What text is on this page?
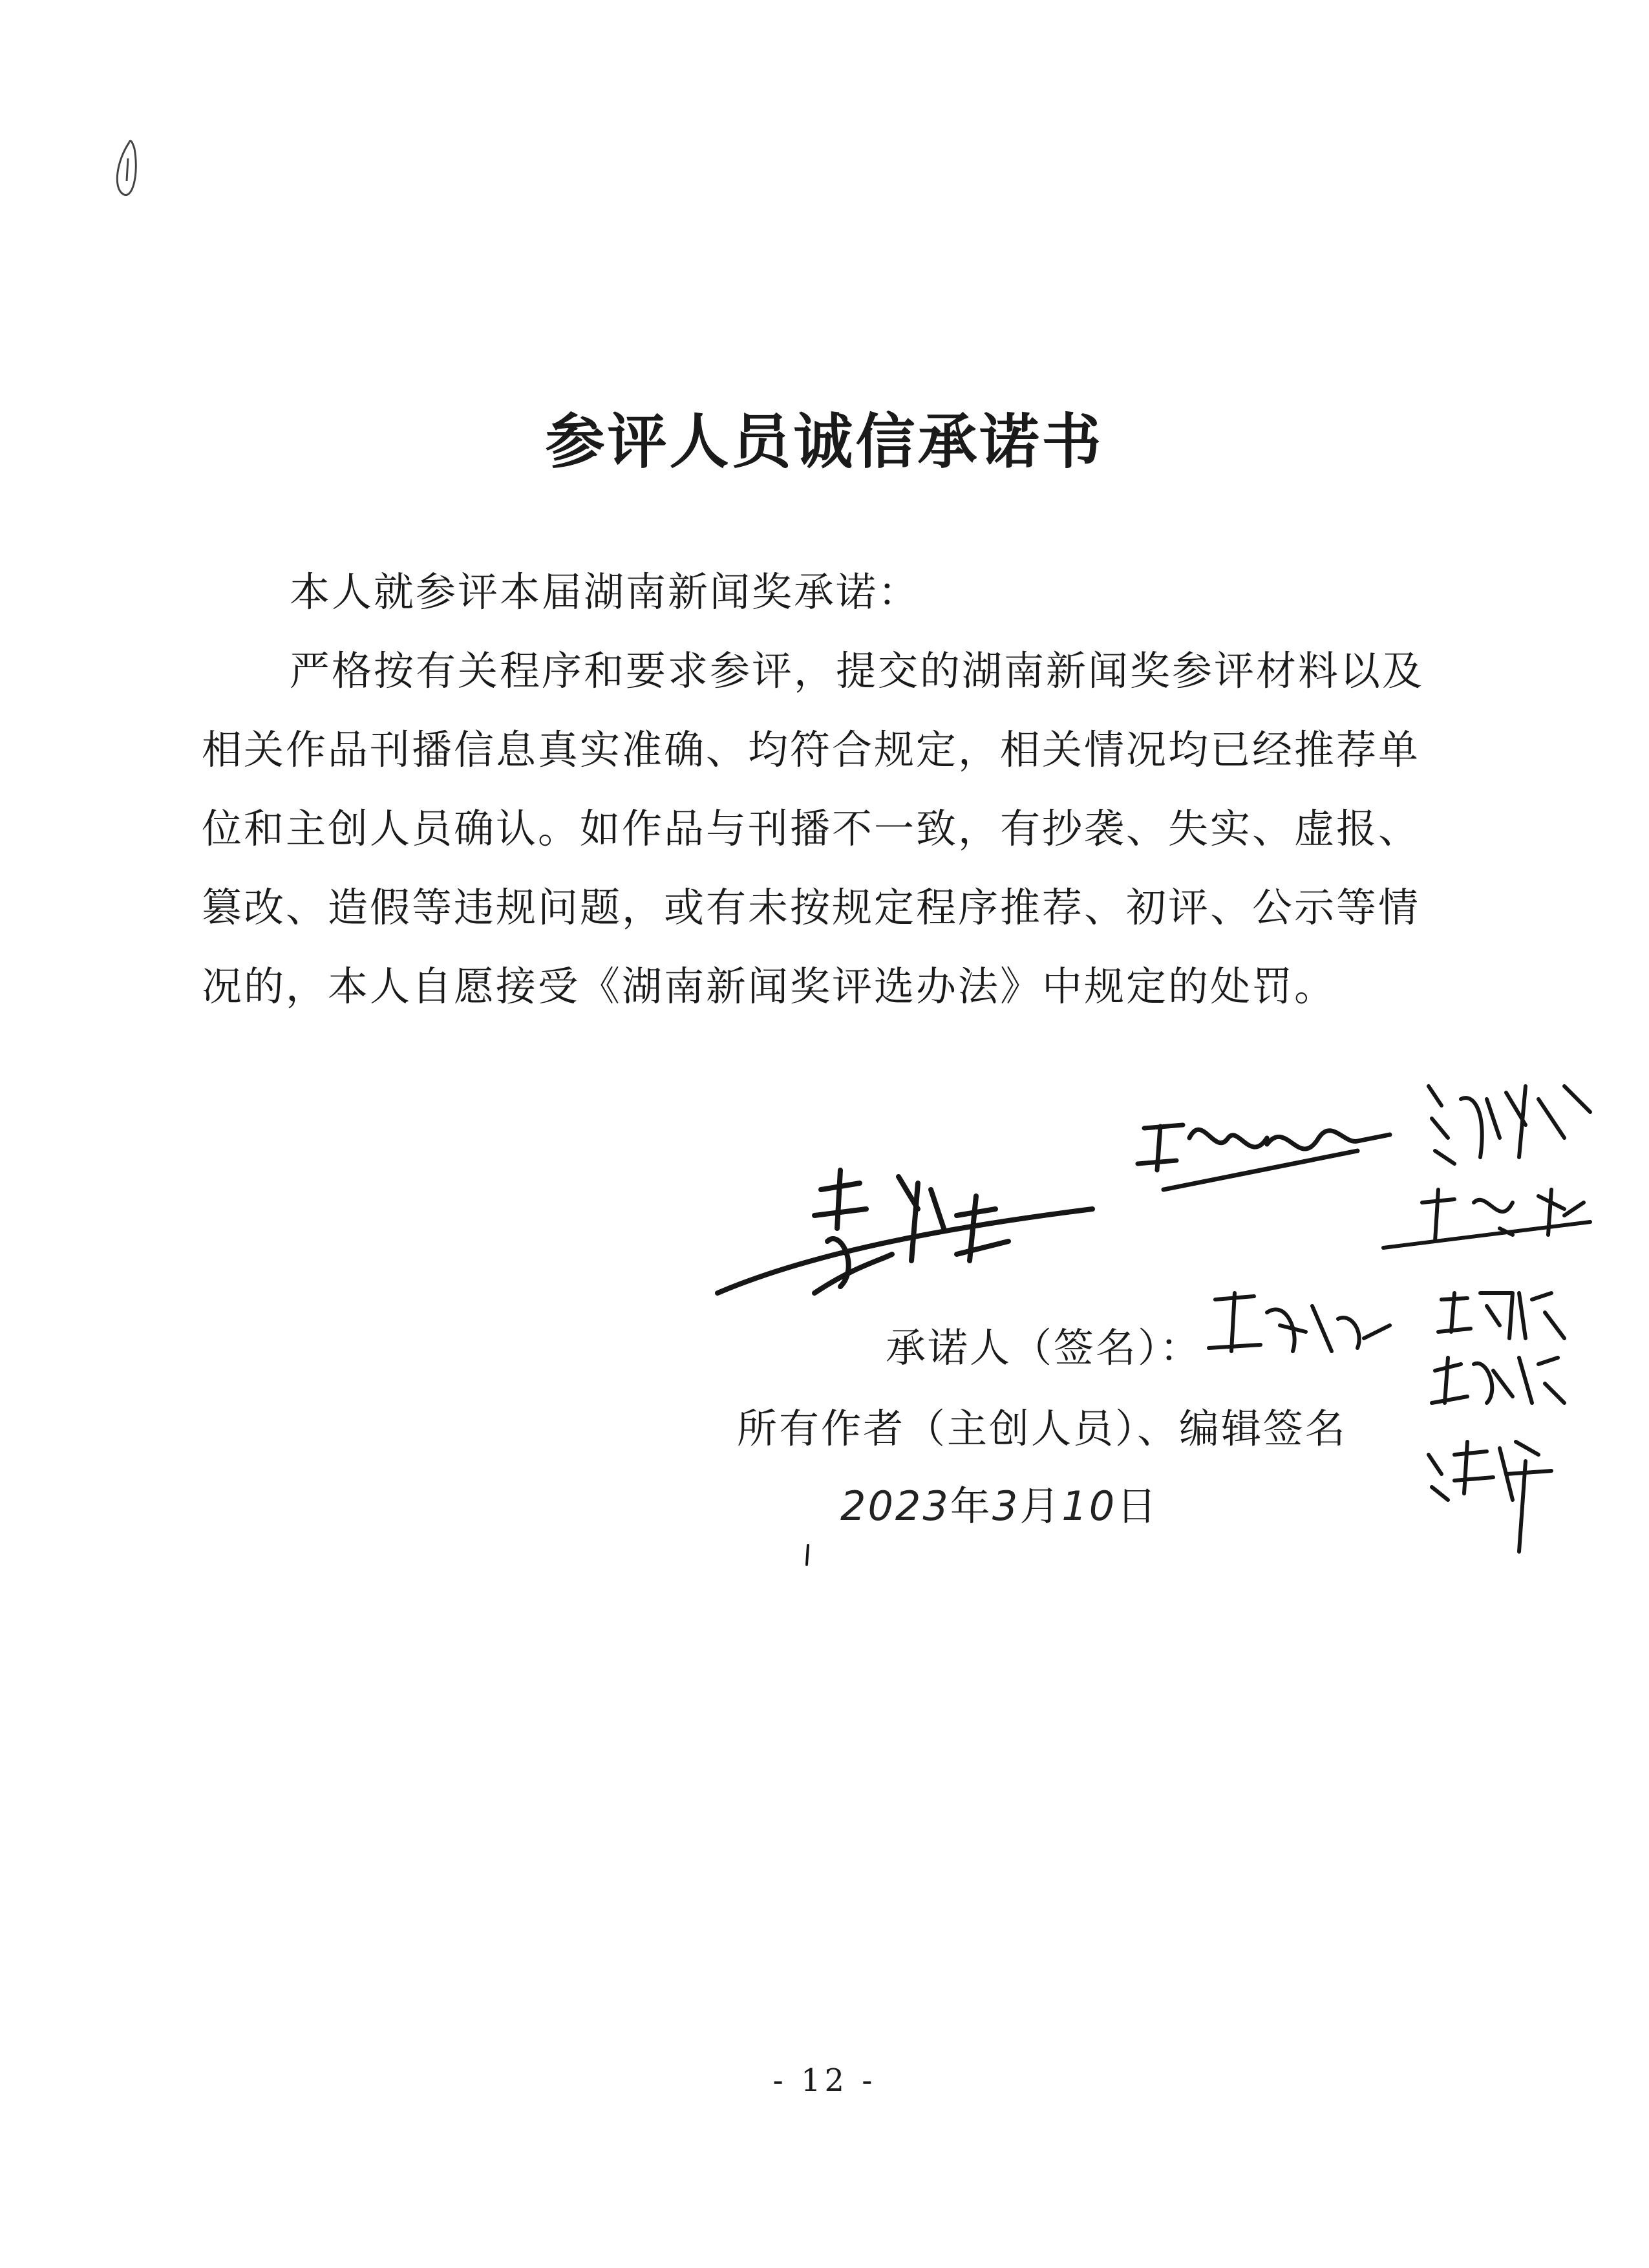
参评人员诚信承诺书

本人就参评本届湖南新闻奖承诺：

严格按有关程序和要求参评，提交的湖南新闻奖参评材料以及相关作品刊播信息真实准确、均符合规定，相关情况均已经推荐单位和主创人员确认。如作品与刊播不一致，有抄袭、失实、虚报、篡改、造假等违规问题，或有未按规定程序推荐、初评、公示等情况的，本人自愿接受《湖南新闻奖评选办法》中规定的处罚。

承诺人（签名）：
所有作者（主创人员）、编辑签名
2023年3月10日
- 12 -
